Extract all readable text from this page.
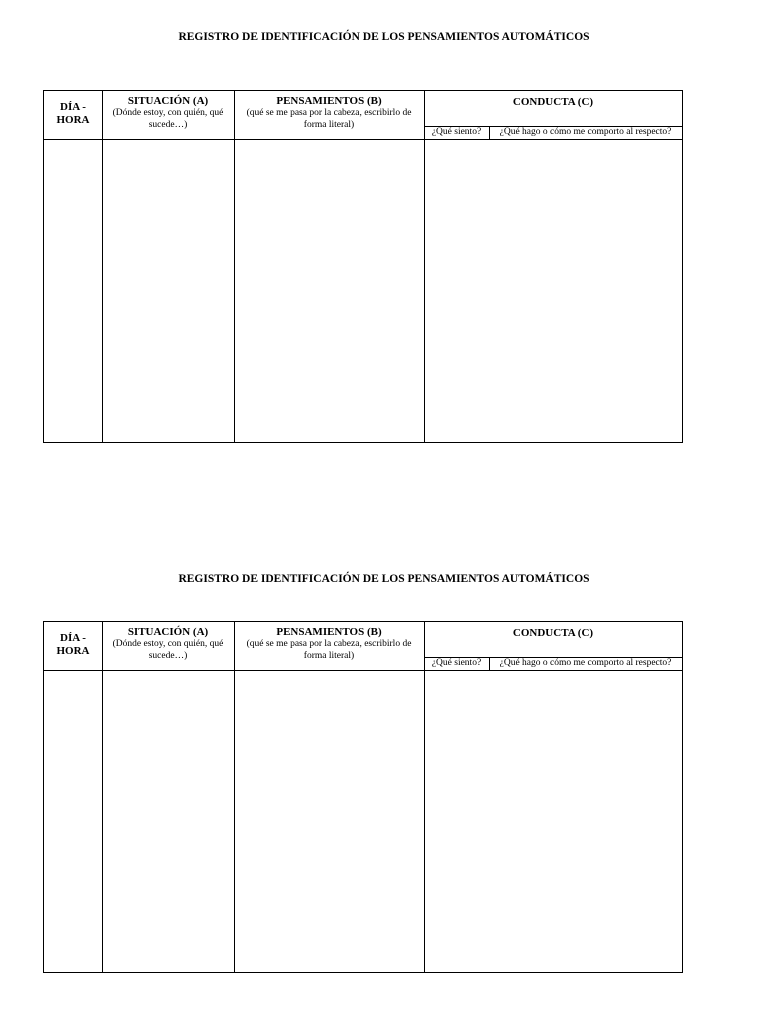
REGISTRO DE IDENTIFICACIÓN DE LOS PENSAMIENTOS AUTOMÁTICOS
DÍA -
HORA
SITUACIÓN (A)
(Dónde estoy, con quién, qué sucede…)
PENSAMIENTOS (B)
(qué se me pasa por la cabeza, escribirlo de forma literal)
CONDUCTA (C)
¿Qué siento?	¿Qué hago o cómo me comporto al respecto?
REGISTRO DE IDENTIFICACIÓN DE LOS PENSAMIENTOS AUTOMÁTICOS
DÍA -
HORA
SITUACIÓN (A)
(Dónde estoy, con quién, qué sucede…)
PENSAMIENTOS (B)
(qué se me pasa por la cabeza, escribirlo de forma literal)
CONDUCTA (C)
¿Qué siento?	¿Qué hago o cómo me comporto al respecto?
